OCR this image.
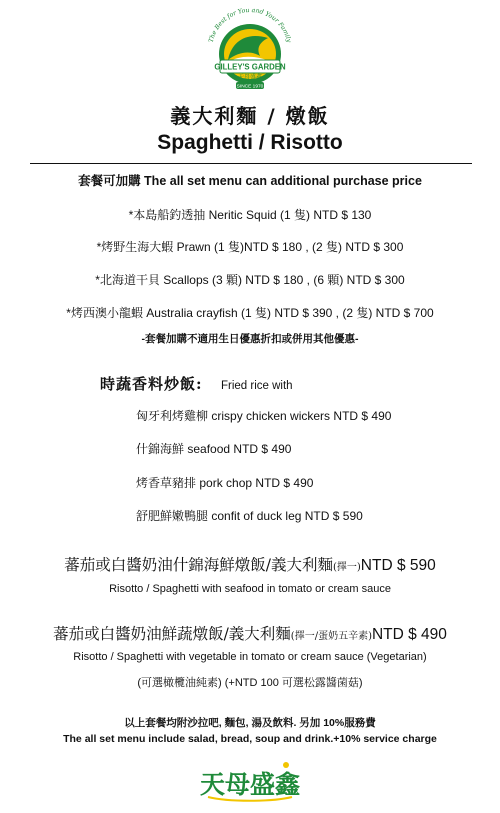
The Best for You and Your Family
GILLEY'S GARDEN
天母盛鑫
SINCE 1970
義大利麵 / 燉飯
Spaghetti / Risotto
套餐可加購 The all set menu can additional purchase price
*本島船釣透抽 Neritic Squid (1 隻) NTD $ 130
*烤野生海大蝦 Prawn (1 隻)NTD $ 180 , (2 隻) NTD $ 300
*北海道干貝 Scallops (3 顆) NTD $ 180 , (6 顆) NTD $ 300
*烤西澳小龍蝦 Australia crayfish (1 隻) NTD $ 390 , (2 隻) NTD $ 700
-套餐加購不適用生日優惠折扣或併用其他優惠-
時蔬香料炒飯: Fried rice with
匈牙利烤雞柳 crispy chicken wickers NTD $ 490
什錦海鮮 seafood NTD $ 490
烤香草豬排 pork chop NTD $ 490
舒肥鮮嫩鴨腿 confit of duck leg NTD $ 590
蕃茄或白醬奶油什錦海鮮燉飯/義大利麵(擇一)NTD $ 590
Risotto / Spaghetti with seafood in tomato or cream sauce
蕃茄或白醬奶油鮮蔬燉飯/義大利麵(擇一/蛋奶五辛素)NTD $ 490
Risotto / Spaghetti with vegetable in tomato or cream sauce (Vegetarian)
(可選橄欖油純素) (+NTD 100 可選松露醬菌菇)
以上套餐均附沙拉吧, 麵包, 湯及飲料. 另加 10%服務費
The all set menu include salad, bread, soup and drink.+10% service charge
天母盛鑫
